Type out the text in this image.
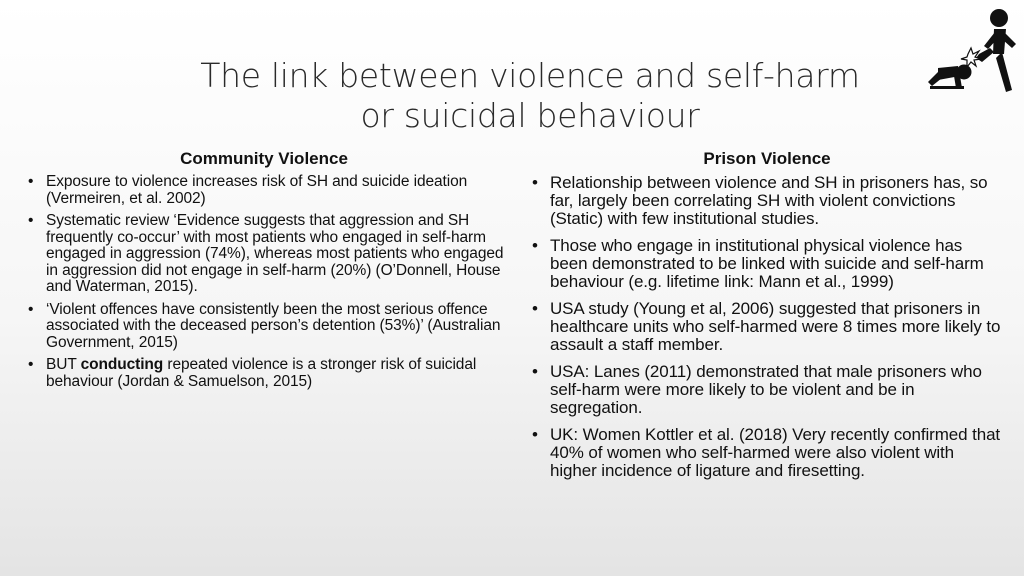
The link between violence and self-harm
or suicidal behaviour
Community Violence
• Exposure to violence increases risk of SH and suicide ideation (Vermeiren, et al. 2002)
• Systematic review ‘Evidence suggests that aggression and SH frequently co-occur’ with most patients who engaged in self-harm engaged in aggression (74%), whereas most patients who engaged in aggression did not engage in self-harm (20%) (O’Donnell, House and Waterman, 2015).
• ‘Violent offences have consistently been the most serious offence associated with the deceased person’s detention (53%)’ (Australian Government, 2015)
• BUT conducting repeated violence is a stronger risk of suicidal behaviour (Jordan & Samuelson, 2015)
Prison Violence
• Relationship between violence and SH in prisoners has, so far, largely been correlating SH with violent convictions (Static) with few institutional studies.
• Those who engage in institutional physical violence has been demonstrated to be linked with suicide and self-harm behaviour (e.g. lifetime link: Mann et al., 1999)
• USA study (Young et al, 2006) suggested that prisoners in healthcare units who self-harmed were 8 times more likely to assault a staff member.
• USA: Lanes (2011) demonstrated that male prisoners who self-harm were more likely to be violent and be in segregation.
• UK: Women Kottler et al. (2018) Very recently confirmed that 40% of women who self-harmed were also violent with higher incidence of ligature and firesetting.
